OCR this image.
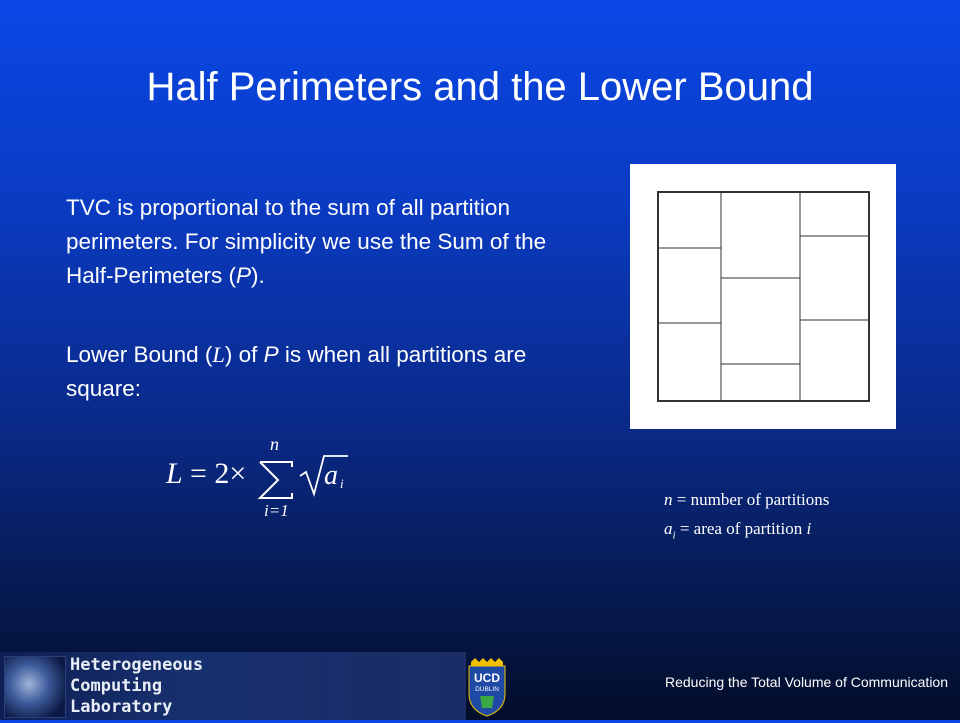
Half Perimeters and the Lower Bound
TVC is proportional to the sum of all partition perimeters. For simplicity we use the Sum of the Half-Perimeters (P).
Lower Bound (L) of P is when all partitions are square:
L = 2×
n
i=1
a i
n = number of partitions
$a_i$ = area of partition i
Heterogeneous
Computing
Laboratory
UCD
DUBLIN	Reducing the Total Volume of Communication
